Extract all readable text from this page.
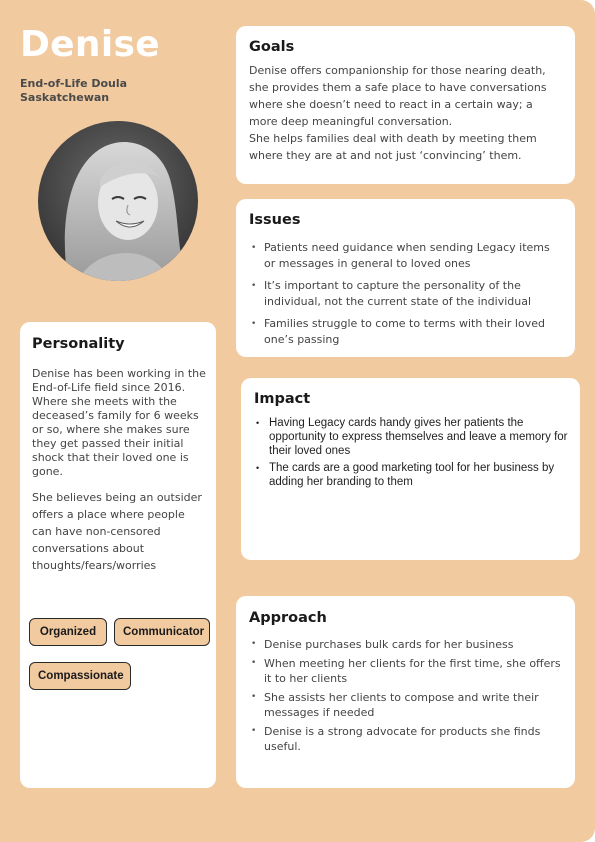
Denise
End-of-Life Doula
Saskatchewan
Goals
Denise offers companionship for those nearing death, she provides them a safe place to have conversations where she doesn’t need to react in a certain way; a more deep meaningful conversation.
She helps families deal with death by meeting them where they are at and not just ‘convincing’ them.
Issues
• Patients need guidance when sending Legacy items or messages in general to loved ones
• It’s important to capture the personality of the individual, not the current state of the individual
• Families struggle to come to terms with their loved one’s passing
Impact
• Having Legacy cards handy gives her patients the opportunity to express themselves and leave a memory for their loved ones
• The cards are a good marketing tool for her business by adding her branding to them
Approach
• Denise purchases bulk cards for her business
• When meeting her clients for the first time, she offers it to her clients
• She assists her clients to compose and write their messages if needed
• Denise is a strong advocate for products she finds useful.
Personality

Denise has been working in the End-of-Life field since 2016.
Where she meets with the deceased’s family for 6 weeks or so, where she makes sure they get passed their initial shock that their loved one is gone.

She believes being an outsider offers a place where people can have non-censored conversations about thoughts/fears/worries

Organized	Communicator
Compassionate
